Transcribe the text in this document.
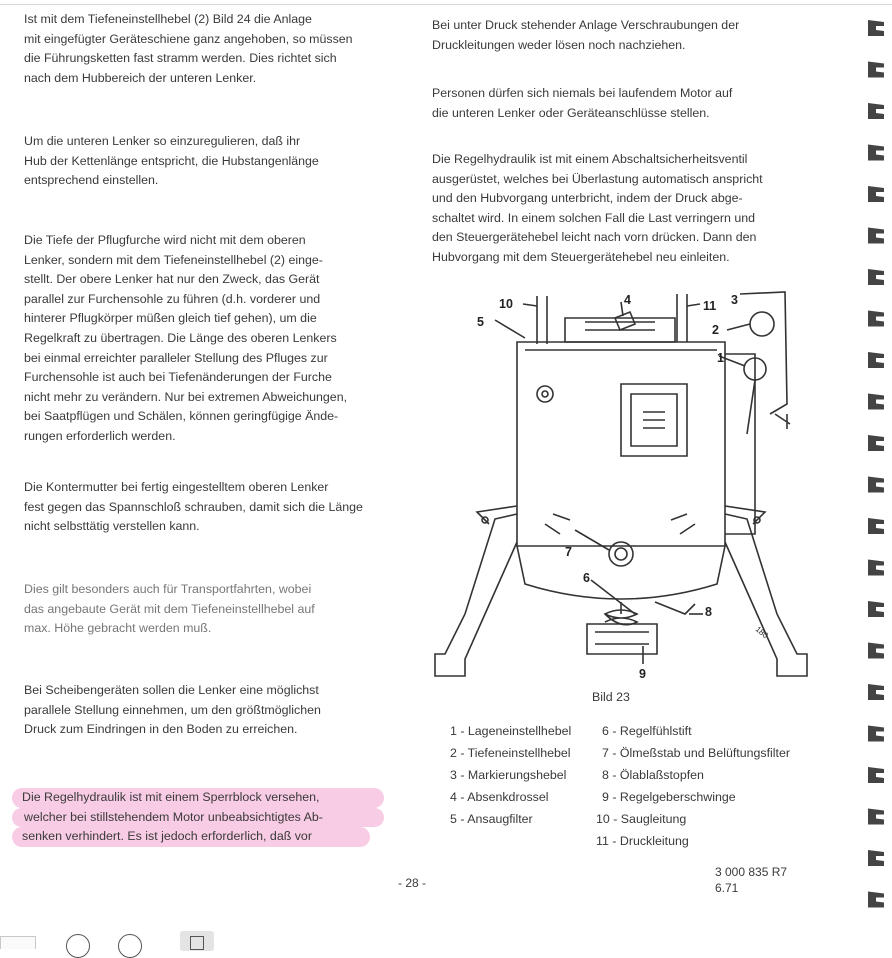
Ist mit dem Tiefeneinstellhebel (2) Bild 24 die Anlage
mit eingefügter Geräteschiene ganz angehoben, so müssen
die Führungsketten fast stramm werden. Dies richtet sich
nach dem Hubbereich der unteren Lenker.

Um die unteren Lenker so einzuregulieren, daß ihr
Hub der Kettenlänge entspricht, die Hubstangenlänge
entsprechend einstellen.

Die Tiefe der Pflugfurche wird nicht mit dem oberen
Lenker, sondern mit dem Tiefeneinstellhebel (2) einge-
stellt. Der obere Lenker hat nur den Zweck, das Gerät
parallel zur Furchensohle zu führen (d.h. vorderer und
hinterer Pflugkörper müßen gleich tief gehen), um die
Regelkraft zu übertragen. Die Länge des oberen Lenkers
bei einmal erreichter paralleler Stellung des Pfluges zur
Furchensohle ist auch bei Tiefenänderungen der Furche
nicht mehr zu verändern. Nur bei extremen Abweichungen,
bei Saatpflügen und Schälen, können geringfügige Ände-
rungen erforderlich werden.

Die Kontermutter bei fertig eingestelltem oberen Lenker
fest gegen das Spannschloß schrauben, damit sich die Länge
nicht selbsttätig verstellen kann.

Dies gilt besonders auch für Transportfahrten, wobei
das angebaute Gerät mit dem Tiefeneinstellhebel auf
max. Höhe gebracht werden muß.

Bei Scheibengeräten sollen die Lenker eine möglichst
parallele Stellung einnehmen, um den größtmöglichen
Druck zum Eindringen in den Boden zu erreichen.

Die Regelhydraulik ist mit einem Sperrblock versehen,
welcher bei stillstehendem Motor unbeabsichtigtes Ab-
senken verhindert. Es ist jedoch erforderlich, daß vor

Bei unter Druck stehender Anlage Verschraubungen der
Druckleitungen weder lösen noch nachziehen.

Personen dürfen sich niemals bei laufendem Motor auf
die unteren Lenker oder Geräteanschlüsse stellen.

Die Regelhydraulik ist mit einem Abschaltsicherheitsventil
ausgerüstet, welches bei Überlastung automatisch anspricht
und den Hubvorgang unterbricht, indem der Druck abge-
schaltet wird. In einem solchen Fall die Last verringern und
den Steuergerätehebel leicht nach vorn drücken. Dann den
Hubvorgang mit dem Steuergerätehebel neu einleiten.

10
5
4	11 3
2
1
7
6
8
9
180
Bild 23
1 - Lageneinstellhebel
2 - Tiefeneinstellhebel
3 - Markierungshebel
4 - Absenkdrossel
5 - Ansaugfilter
6 - Regelfühlstift
7 - Ölmeßstab und Belüftungsfilter
8 - Ölablaßstopfen
9 - Regelgeberschwinge
10 - Saugleitung
11 - Druckleitung
- 28 -
3 000 835 R7
6.71
